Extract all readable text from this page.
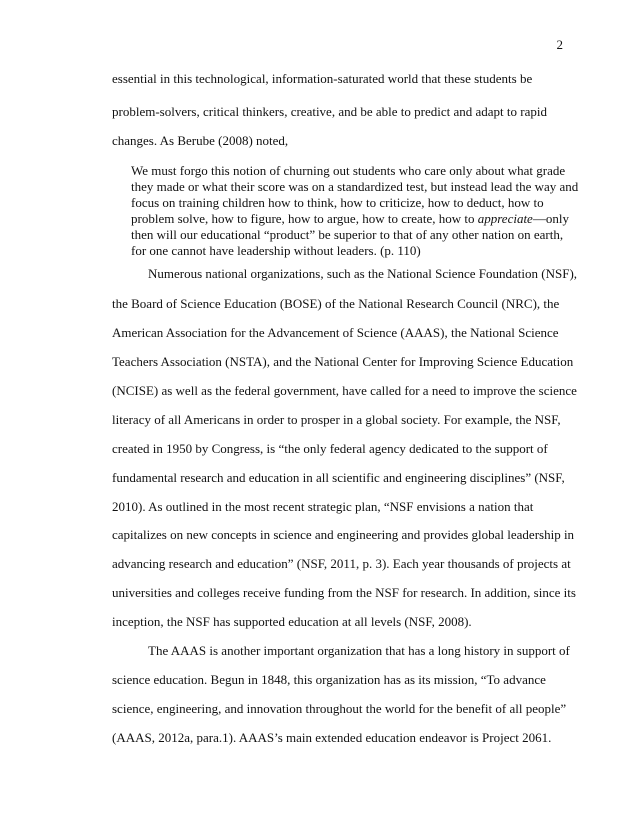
2

essential in this technological, information-saturated world that these students be

problem-solvers, critical thinkers, creative, and be able to predict and adapt to rapid

changes. As Berube (2008) noted,

We must forgo this notion of churning out students who care only about what grade

they made or what their score was on a standardized test, but instead lead the way and

focus on training children how to think, how to criticize, how to deduct, how to

problem solve, how to figure, how to argue, how to create, how to appreciate—only

then will our educational “product” be superior to that of any other nation on earth,

for one cannot have leadership without leaders. (p. 110)

Numerous national organizations, such as the National Science Foundation (NSF),

the Board of Science Education (BOSE) of the National Research Council (NRC), the

American Association for the Advancement of Science (AAAS), the National Science

Teachers Association (NSTA), and the National Center for Improving Science Education

(NCISE) as well as the federal government, have called for a need to improve the science

literacy of all Americans in order to prosper in a global society. For example, the NSF,

created in 1950 by Congress, is “the only federal agency dedicated to the support of

fundamental research and education in all scientific and engineering disciplines” (NSF,

2010). As outlined in the most recent strategic plan, “NSF envisions a nation that

capitalizes on new concepts in science and engineering and provides global leadership in

advancing research and education” (NSF, 2011, p. 3). Each year thousands of projects at

universities and colleges receive funding from the NSF for research. In addition, since its

inception, the NSF has supported education at all levels (NSF, 2008).

The AAAS is another important organization that has a long history in support of

science education. Begun in 1848, this organization has as its mission, “To advance

science, engineering, and innovation throughout the world for the benefit of all people”

(AAAS, 2012a, para.1). AAAS’s main extended education endeavor is Project 2061.
